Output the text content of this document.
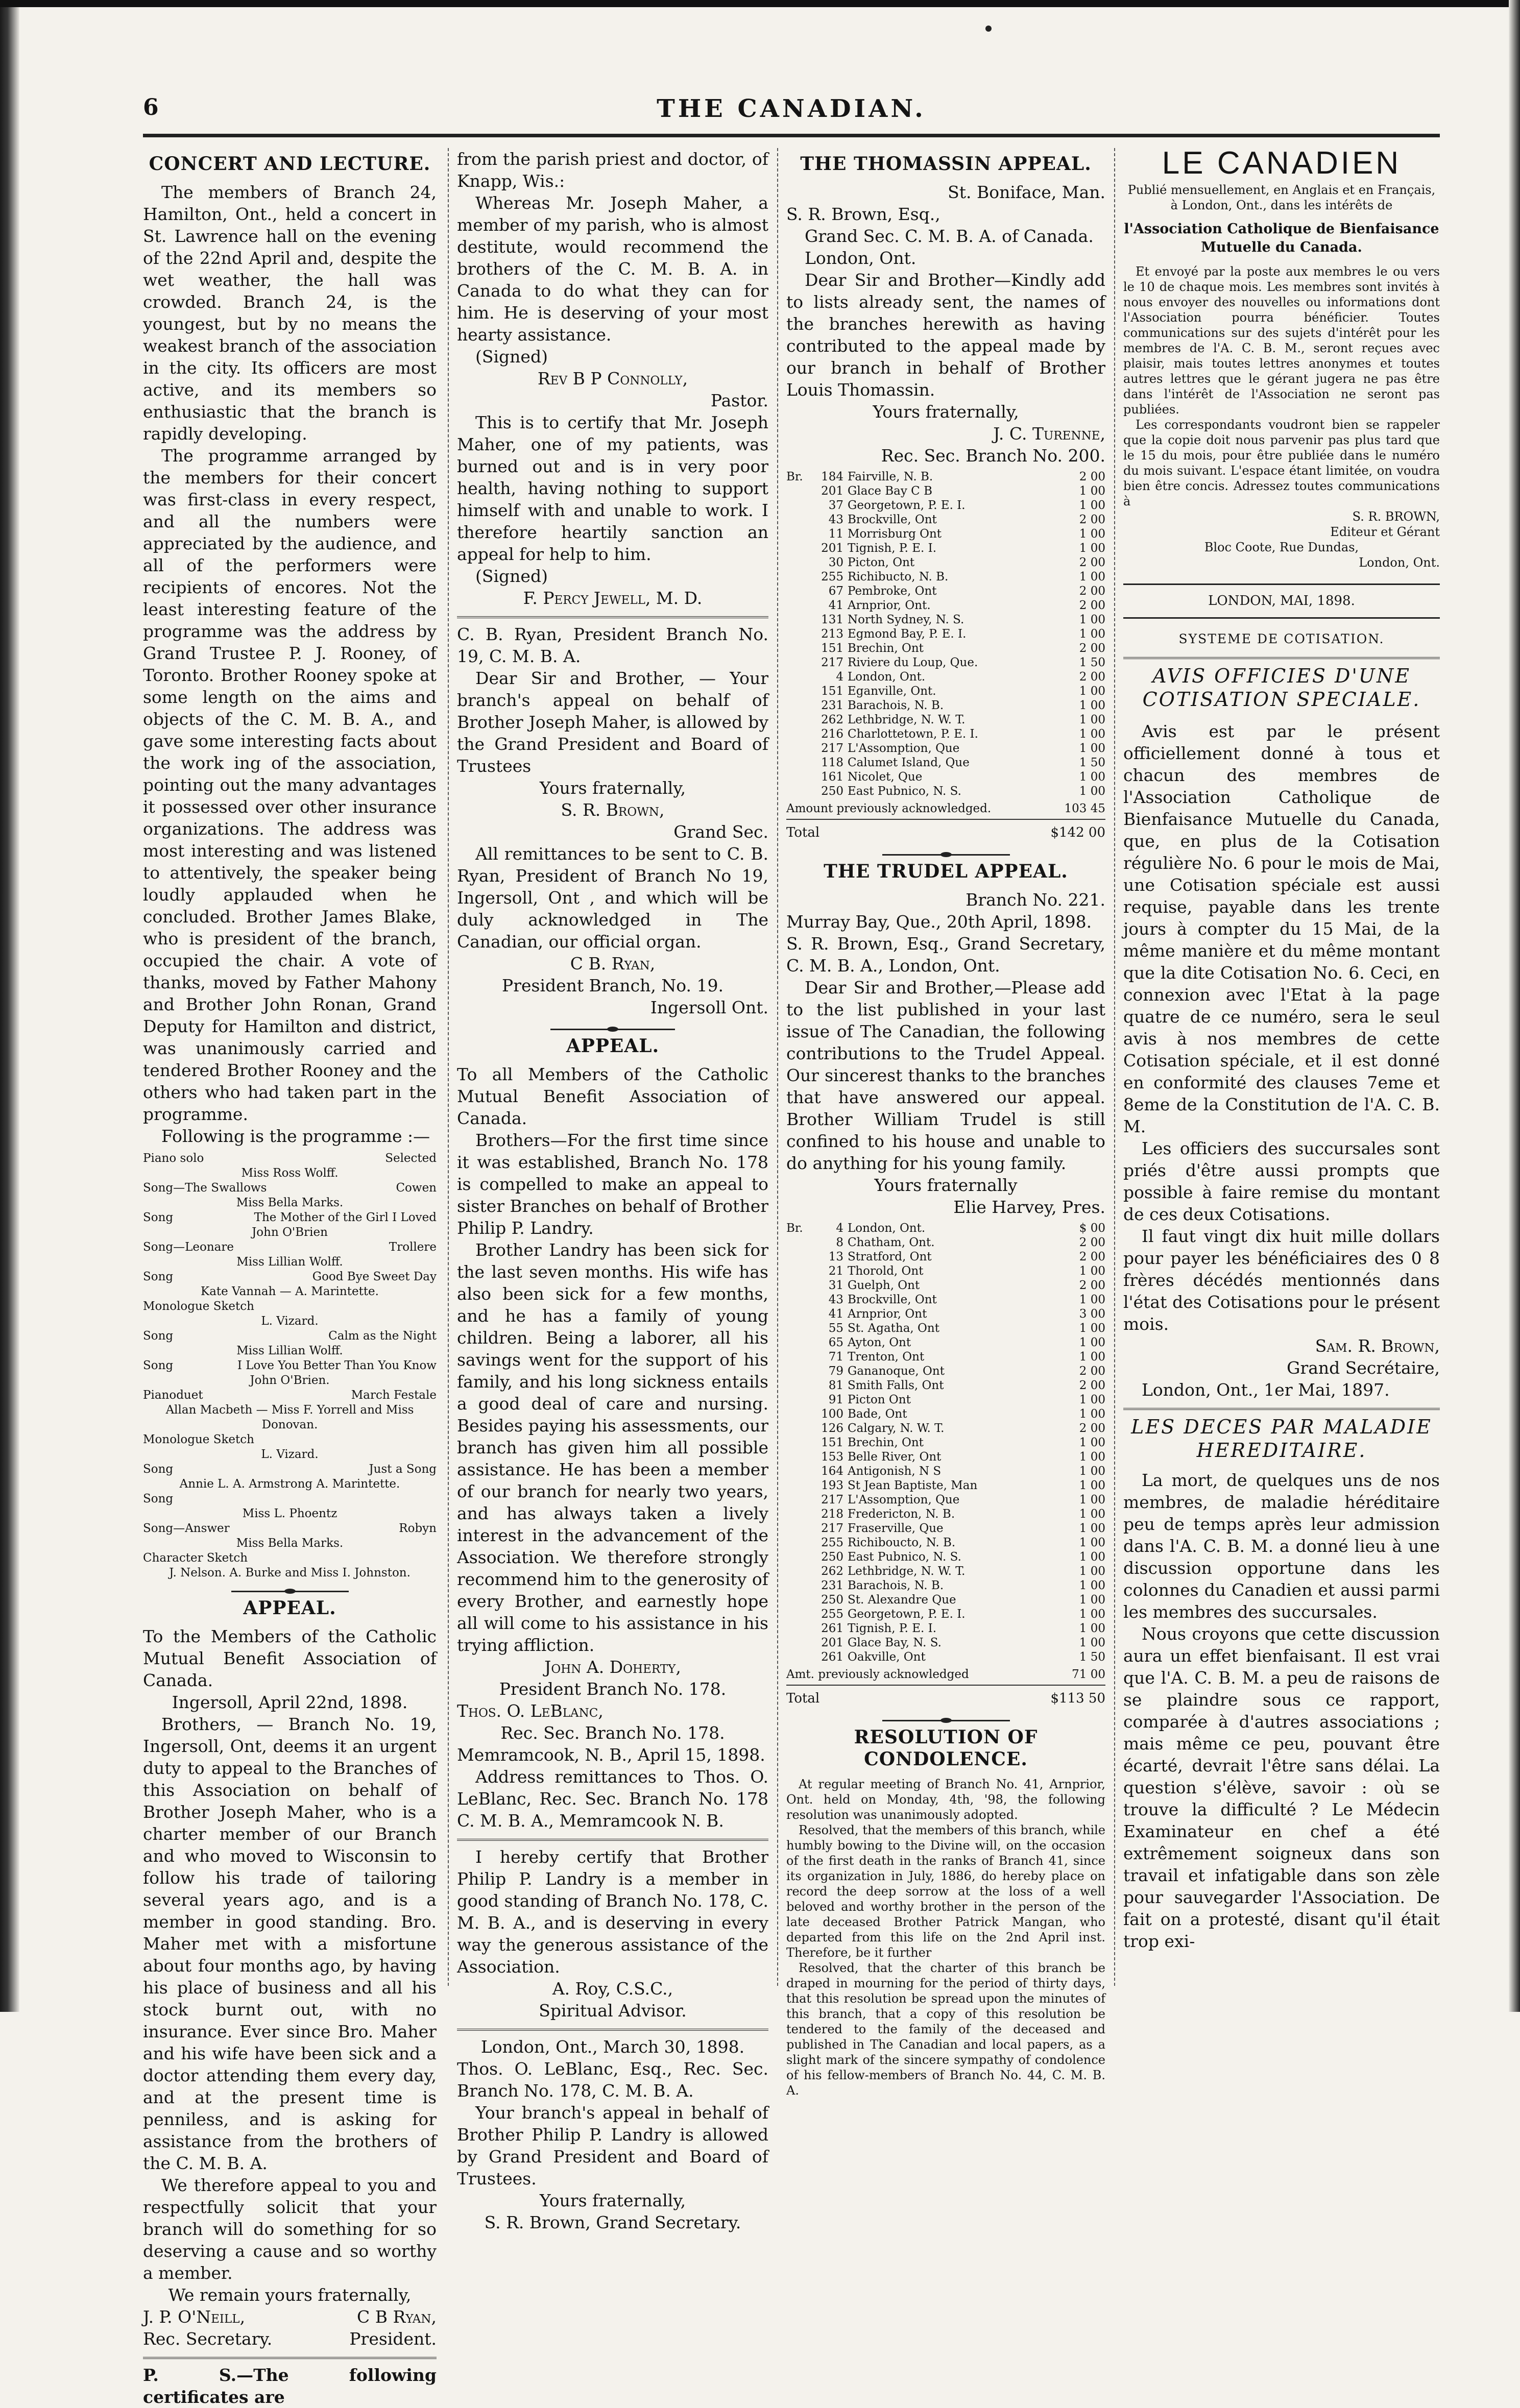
6	THE CANADIAN.
CONCERT AND LECTURE.

The members of Branch 24, Hamilton, Ont., held a concert in St. Lawrence hall on the evening of the 22nd April and, despite the wet weather, the hall was crowded. Branch 24, is the youngest, but by no means the weakest branch of the association in the city. Its officers are most active, and its members so enthusiastic that the branch is rapidly developing.

The programme arranged by the members for their concert was first-class in every respect, and all the numbers were appreciated by the audience, and all of the performers were recipients of encores. Not the least interesting feature of the programme was the address by Grand Trustee P. J. Rooney, of Toronto. Brother Rooney spoke at some length on the aims and objects of the C. M. B. A., and gave some interesting facts about the work ing of the association, pointing out the many advantages it possessed over other insurance organizations. The address was most interesting and was listened to attentively, the speaker being loudly applauded when he concluded. Brother James Blake, who is president of the branch, occupied the chair. A vote of thanks, moved by Father Mahony and Brother John Ronan, Grand Deputy for Hamilton and district, was unanimously carried and tendered Brother Rooney and the others who had taken part in the programme.

Following is the programme :—

Piano solo	Selected
Miss Ross Wolff.
Song—The Swallows	Cowen
Miss Bella Marks.
Song	The Mother of the Girl I Loved
John O'Brien
Song—Leonare	Trollere
Miss Lillian Wolff.
Song	Good Bye Sweet Day
Kate Vannah — A. Marintette.
Monologue Sketch
L. Vizard.
Song	Calm as the Night
Miss Lillian Wolff.
Song	I Love You Better Than You Know
John O'Brien.
Pianoduet	March Festale
Allan Macbeth — Miss F. Yorrell and Miss Donovan.
Monologue Sketch
L. Vizard.
Song	Just a Song
Annie L. A. Armstrong A. Marintette.
Song
Miss L. Phoentz
Song—Answer	Robyn
Miss Bella Marks.
Character Sketch
J. Nelson. A. Burke and Miss I. Johnston.
APPEAL.

To the Members of the Catholic Mutual Benefit Association of Canada.

Ingersoll, April 22nd, 1898.

Brothers, — Branch No. 19, Ingersoll, Ont, deems it an urgent duty to appeal to the Branches of this Association on behalf of Brother Joseph Maher, who is a charter member of our Branch and who moved to Wisconsin to follow his trade of tailoring several years ago, and is a member in good standing. Bro. Maher met with a misfortune about four months ago, by having his place of business and all his stock burnt out, with no insurance. Ever since Bro. Maher and his wife have been sick and a doctor attending them every day, and at the present time is penniless, and is asking for assistance from the brothers of the C. M. B. A.

We therefore appeal to you and respectfully solicit that your branch will do something for so deserving a cause and so worthy a member.

We remain yours fraternally,

J. P. O'Neill,	C B Ryan,
Rec. Secretary.	President.

P. S.—The following certificates are

from the parish priest and doctor, of Knapp, Wis.:

Whereas Mr. Joseph Maher, a member of my parish, who is almost destitute, would recommend the brothers of the C. M. B. A. in Canada to do what they can for him. He is deserving of your most hearty assistance.

(Signed)

Rev B P Connolly,

Pastor.

This is to certify that Mr. Joseph Maher, one of my patients, was burned out and is in very poor health, having nothing to support himself with and unable to work. I therefore heartily sanction an appeal for help to him.

(Signed)

F. Percy Jewell, M. D.

C. B. Ryan, President Branch No. 19, C. M. B. A.

Dear Sir and Brother, — Your branch's appeal on behalf of Brother Joseph Maher, is allowed by the Grand President and Board of Trustees

Yours fraternally,

S. R. Brown,

Grand Sec.

All remittances to be sent to C. B. Ryan, President of Branch No 19, Ingersoll, Ont , and which will be duly acknowledged in The Canadian, our official organ.

C B. Ryan,

President Branch, No. 19.

Ingersoll Ont.

APPEAL.

To all Members of the Catholic Mutual Benefit Association of Canada.

Brothers—For the first time since it was established, Branch No. 178 is compelled to make an appeal to sister Branches on behalf of Brother Philip P. Landry.

Brother Landry has been sick for the last seven months. His wife has also been sick for a few months, and he has a family of young children. Being a laborer, all his savings went for the support of his family, and his long sickness entails a good deal of care and nursing. Besides paying his assessments, our branch has given him all possible assistance. He has been a member of our branch for nearly two years, and has always taken a lively interest in the advancement of the Association. We therefore strongly recommend him to the generosity of every Brother, and earnestly hope all will come to his assistance in his trying affliction.

John A. Doherty,

President Branch No. 178.

Thos. O. LeBlanc,

Rec. Sec. Branch No. 178.

Memramcook, N. B., April 15, 1898.

Address remittances to Thos. O. LeBlanc, Rec. Sec. Branch No. 178 C. M. B. A., Memramcook N. B.

I hereby certify that Brother Philip P. Landry is a member in good standing of Branch No. 178, C. M. B. A., and is deserving in every way the generous assistance of the Association.

A. Roy, C.S.C.,

Spiritual Advisor.

London, Ont., March 30, 1898.

Thos. O. LeBlanc, Esq., Rec. Sec. Branch No. 178, C. M. B. A.

Your branch's appeal in behalf of Brother Philip P. Landry is allowed by Grand President and Board of Trustees.

Yours fraternally,

S. R. Brown, Grand Secretary.

THE THOMASSIN APPEAL.

St. Boniface, Man.

S. R. Brown, Esq.,

Grand Sec. C. M. B. A. of Canada.

London, Ont.

Dear Sir and Brother—Kindly add to lists already sent, the names of the branches herewith as having contributed to the appeal made by our branch in behalf of Brother Louis Thomassin.

Yours fraternally,

J. C. Turenne,

Rec. Sec. Branch No. 200.

Br.	184	Fairville, N. B.	2 00
	201	Glace Bay C B	1 00
	37	Georgetown, P. E. I.	1 00
	43	Brockville, Ont	2 00
	11	Morrisburg Ont	1 00
	201	Tignish, P. E. I.	1 00
	30	Picton, Ont	2 00
	255	Richibucto, N. B.	1 00
	67	Pembroke, Ont	2 00
	41	Arnprior, Ont.	2 00
	131	North Sydney, N. S.	1 00
	213	Egmond Bay, P. E. I.	1 00
	151	Brechin, Ont	2 00
	217	Riviere du Loup, Que.	1 50
	4	London, Ont.	2 00
	151	Eganville, Ont.	1 00
	231	Barachois, N. B.	1 00
	262	Lethbridge, N. W. T.	1 00
	216	Charlottetown, P. E. I.	1 00
	217	L'Assomption, Que	1 00
	118	Calumet Island, Que	1 50
	161	Nicolet, Que	1 00
	250	East Pubnico, N. S.	1 00
Amount previously acknowledged.	103 45
Total	$142 00
THE TRUDEL APPEAL.

Branch No. 221.

Murray Bay, Que., 20th April, 1898.

S. R. Brown, Esq., Grand Secretary, C. M. B. A., London, Ont.

Dear Sir and Brother,—Please add to the list published in your last issue of The Canadian, the following contributions to the Trudel Appeal. Our sincerest thanks to the branches that have answered our appeal. Brother William Trudel is still confined to his house and unable to do anything for his young family.

Yours fraternally

Elie Harvey, Pres.

Br.	4	London, Ont.	$ 00
	8	Chatham, Ont.	2 00
	13	Stratford, Ont	2 00
	21	Thorold, Ont	1 00
	31	Guelph, Ont	2 00
	43	Brockville, Ont	1 00
	41	Arnprior, Ont	3 00
	55	St. Agatha, Ont	1 00
	65	Ayton, Ont	1 00
	71	Trenton, Ont	1 00
	79	Gananoque, Ont	2 00
	81	Smith Falls, Ont	2 00
	91	Picton Ont	1 00
	100	Bade, Ont	1 00
	126	Calgary, N. W. T.	2 00
	151	Brechin, Ont	1 00
	153	Belle River, Ont	1 00
	164	Antigonish, N S	1 00
	193	St Jean Baptiste, Man	1 00
	217	L'Assomption, Que	1 00
	218	Fredericton, N. B.	1 00
	217	Fraserville, Que	1 00
	255	Richiboucto, N. B.	1 00
	250	East Pubnico, N. S.	1 00
	262	Lethbridge, N. W. T.	1 00
	231	Barachois, N. B.	1 00
	250	St. Alexandre Que	1 00
	255	Georgetown, P. E. I.	1 00
	261	Tignish, P. E. I.	1 00
	201	Glace Bay, N. S.	1 00
	261	Oakville, Ont	1 50
Amt. previously acknowledged	71 00
Total	$113 50
RESOLUTION OF CONDOLENCE.

At regular meeting of Branch No. 41, Arnprior, Ont. held on Monday, 4th, '98, the following resolution was unanimously adopted.

Resolved, that the members of this branch, while humbly bowing to the Divine will, on the occasion of the first death in the ranks of Branch 41, since its organization in July, 1886, do hereby place on record the deep sorrow at the loss of a well beloved and worthy brother in the person of the late deceased Brother Patrick Mangan, who departed from this life on the 2nd April inst. Therefore, be it further

Resolved, that the charter of this branch be draped in mourning for the period of thirty days, that this resolution be spread upon the minutes of this branch, that a copy of this resolution be tendered to the family of the deceased and published in The Canadian and local papers, as a slight mark of the sincere sympathy of condolence of his fellow-members of Branch No. 44, C. M. B. A.

LE CANADIEN
Publié mensuellement, en Anglais et en Français, à London, Ont., dans les intérêts de
l'Association Catholique de Bienfaisance Mutuelle du Canada.

Et envoyé par la poste aux membres le ou vers le 10 de chaque mois. Les membres sont invités à nous envoyer des nouvelles ou informations dont l'Association pourra bénéficier. Toutes communications sur des sujets d'intérêt pour les membres de l'A. C. B. M., seront reçues avec plaisir, mais toutes lettres anonymes et toutes autres lettres que le gérant jugera ne pas être dans l'intérêt de l'Association ne seront pas publiées.

Les correspondants voudront bien se rappeler que la copie doit nous parvenir pas plus tard que le 15 du mois, pour être publiée dans le numéro du mois suivant. L'espace étant limitée, on voudra bien être concis. Adressez toutes communications à

S. R. BROWN,
Editeur et Gérant
Bloc Coote, Rue Dundas,
London, Ont.
LONDON, MAI, 1898.
SYSTEME DE COTISATION.
AVIS OFFICIES D'UNE COTISATION SPECIALE.

Avis est par le présent officiellement donné à tous et chacun des membres de l'Association Catholique de Bienfaisance Mutuelle du Canada, que, en plus de la Cotisation régulière No. 6 pour le mois de Mai, une Cotisation spéciale est aussi requise, payable dans les trente jours à compter du 15 Mai, de la même manière et du même montant que la dite Cotisation No. 6. Ceci, en connexion avec l'Etat à la page quatre de ce numéro, sera le seul avis à nos membres de cette Cotisation spéciale, et il est donné en conformité des clauses 7eme et 8eme de la Constitution de l'A. C. B. M.

Les officiers des succursales sont priés d'être aussi prompts que possible à faire remise du montant de ces deux Cotisations.

Il faut vingt dix huit mille dollars pour payer les bénéficiaires des 0 8 frères décédés mentionnés dans l'état des Cotisations pour le présent mois.

Sam. R. Brown,

Grand Secrétaire,

London, Ont., 1er Mai, 1897.

LES DECES PAR MALADIE HEREDITAIRE.

La mort, de quelques uns de nos membres, de maladie héréditaire peu de temps après leur admission dans l'A. C. B. M. a donné lieu à une discussion opportune dans les colonnes du Canadien et aussi parmi les membres des succursales.

Nous croyons que cette discussion aura un effet bienfaisant. Il est vrai que l'A. C. B. M. a peu de raisons de se plaindre sous ce rapport, comparée à d'autres associations ; mais même ce peu, pouvant être écarté, devrait l'être sans délai. La question s'élève, savoir : où se trouve la difficulté ? Le Médecin Examinateur en chef a été extrêmement soigneux dans son travail et infatigable dans son zèle pour sauvegarder l'Association. De fait on a protesté, disant qu'il était trop exi-
